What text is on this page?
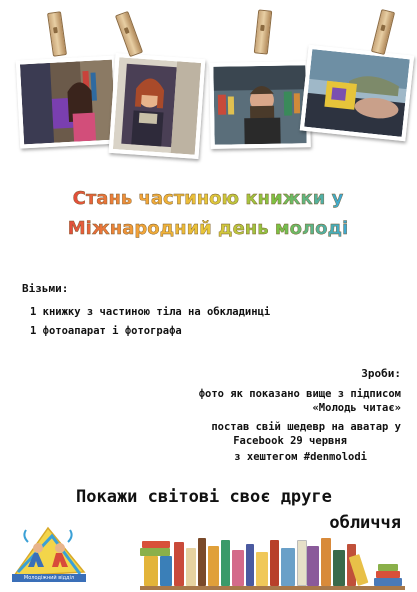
Стань частиною книжки у
Міжнародний день молоді
Візьми:
1 книжку з частиною тіла на обкладинці
1 фотоапарат і фотографа
Зроби:
фото як показано вище з підписом
«Молодь читає»
постав свій шедевр на аватар у
Facebook 29 червня
з хештегом #denmolodi
Покажи світові своє друге
обличчя
Молодіжний відділ
